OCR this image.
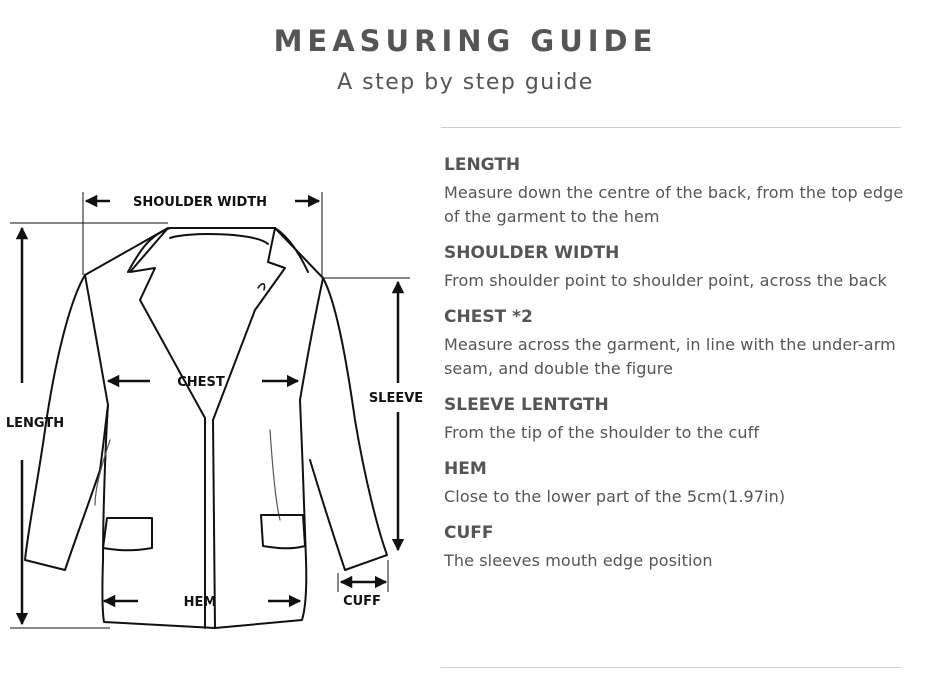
MEASURING GUIDE
A step by step guide
SHOULDER WIDTH
CHEST
SLEEVE
LENGTH
HEM	CUFF
LENGTH

Measure down the centre of the back, from the top edge of the garment to the hem

SHOULDER WIDTH

From shoulder point to shoulder point, across the back

CHEST *2

Measure across the garment, in line with the under-arm seam, and double the figure

SLEEVE LENTGTH

From the tip of the shoulder to the cuff

HEM

Close to the lower part of the 5cm(1.97in)

CUFF

The sleeves mouth edge position
